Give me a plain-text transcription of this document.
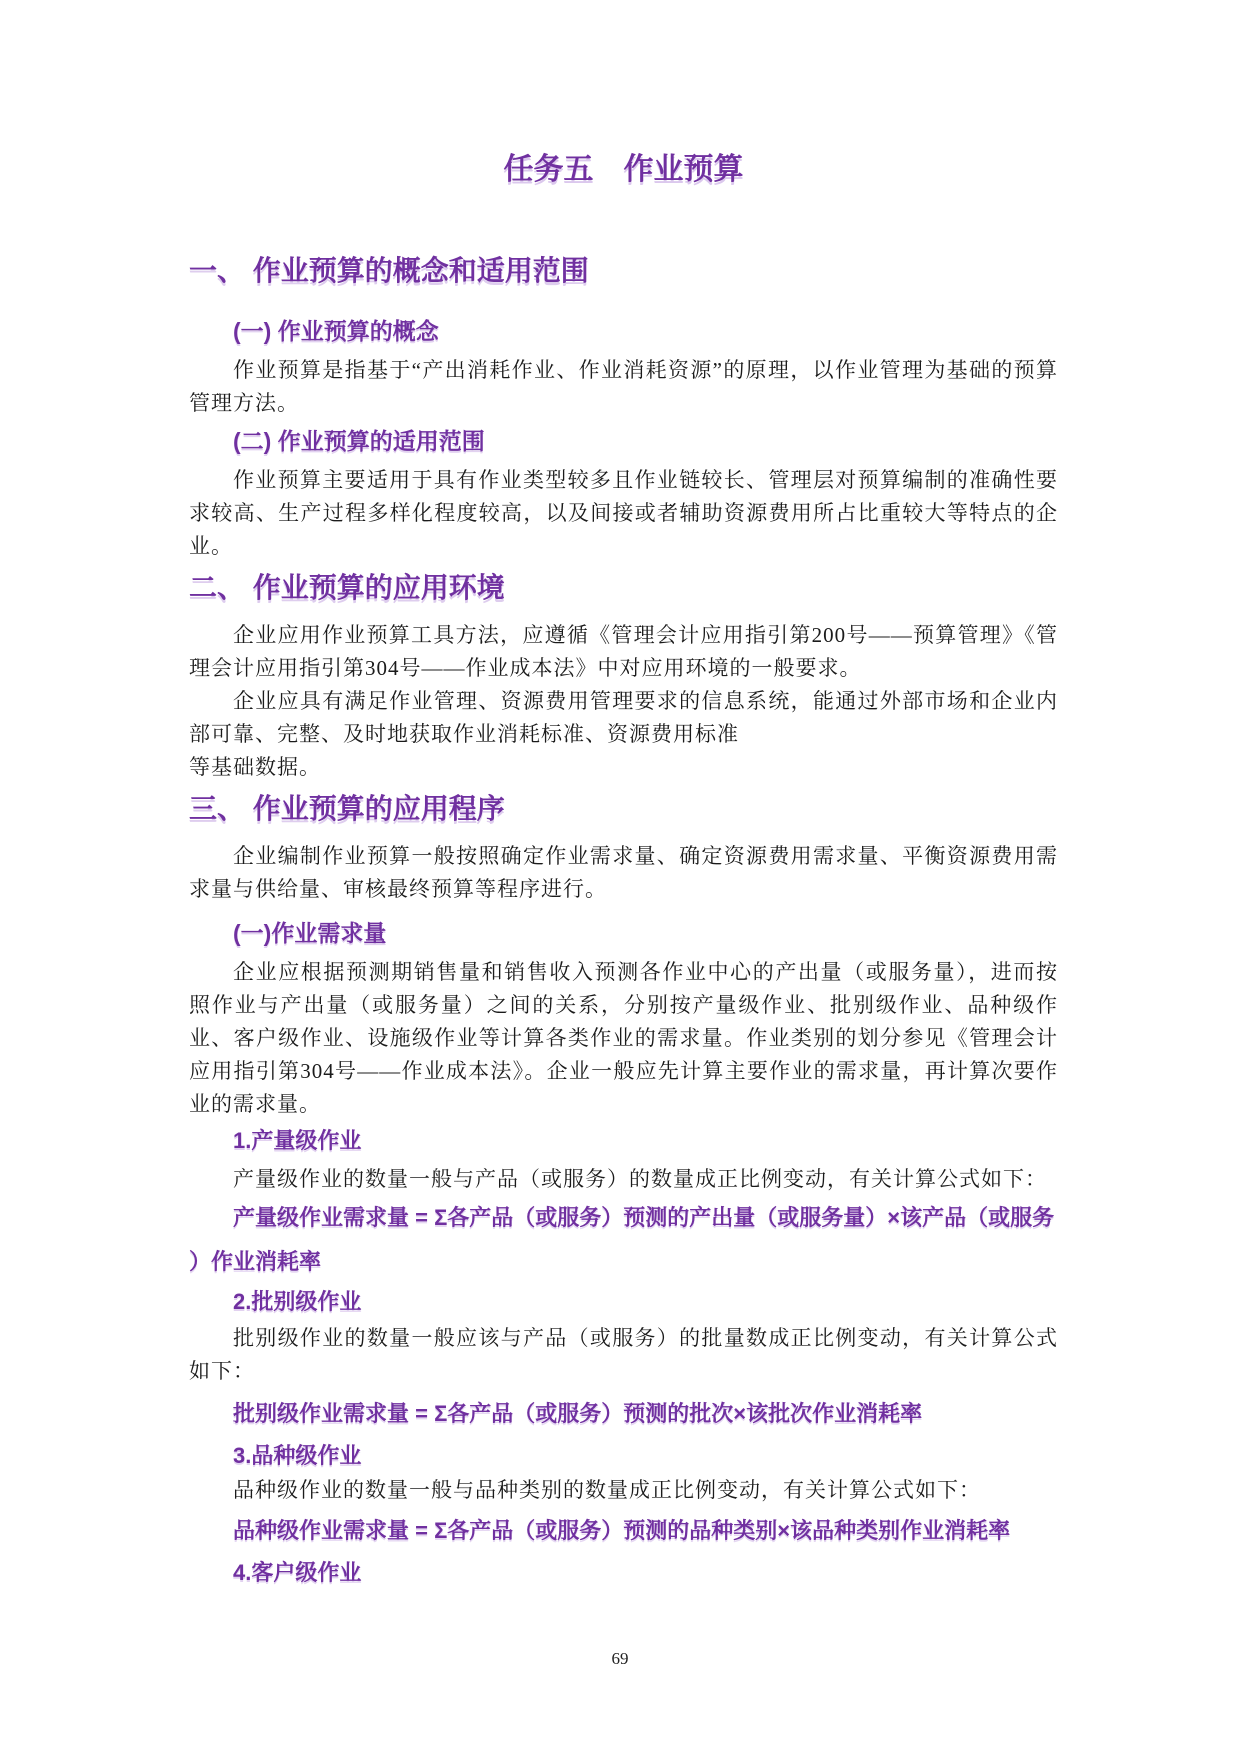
任务五　作业预算
一、 作业预算的概念和适用范围
(一) 作业预算的概念

作业预算是指基于“产出消耗作业、作业消耗资源”的原理，以作业管理为基础的预算管理方法。

(二) 作业预算的适用范围

作业预算主要适用于具有作业类型较多且作业链较长、管理层对预算编制的准确性要求较高、生产过程多样化程度较高，以及间接或者辅助资源费用所占比重较大等特点的企业。

二、 作业预算的应用环境

企业应用作业预算工具方法，应遵循《管理会计应用指引第200号——预算管理》《管理会计应用指引第304号——作业成本法》中对应用环境的一般要求。

企业应具有满足作业管理、资源费用管理要求的信息系统，能通过外部市场和企业内部可靠、完整、及时地获取作业消耗标准、资源费用标准

等基础数据。

三、 作业预算的应用程序

企业编制作业预算一般按照确定作业需求量、确定资源费用需求量、平衡资源费用需求量与供给量、审核最终预算等程序进行。

(一)作业需求量

企业应根据预测期销售量和销售收入预测各作业中心的产出量（或服务量），进而按照作业与产出量（或服务量）之间的关系，分别按产量级作业、批别级作业、品种级作业、客户级作业、设施级作业等计算各类作业的需求量。作业类别的划分参见《管理会计应用指引第304号——作业成本法》。企业一般应先计算主要作业的需求量，再计算次要作业的需求量。

1.产量级作业

产量级作业的数量一般与产品（或服务）的数量成正比例变动，有关计算公式如下：

产量级作业需求量 = Σ各产品（或服务）预测的产出量（或服务量）×该产品（或服务）作业消耗率

2.批别级作业

批别级作业的数量一般应该与产品（或服务）的批量数成正比例变动，有关计算公式如下：

批别级作业需求量 = Σ各产品（或服务）预测的批次×该批次作业消耗率

3.品种级作业

品种级作业的数量一般与品种类别的数量成正比例变动，有关计算公式如下：

品种级作业需求量 = Σ各产品（或服务）预测的品种类别×该品种类别作业消耗率

4.客户级作业
69
